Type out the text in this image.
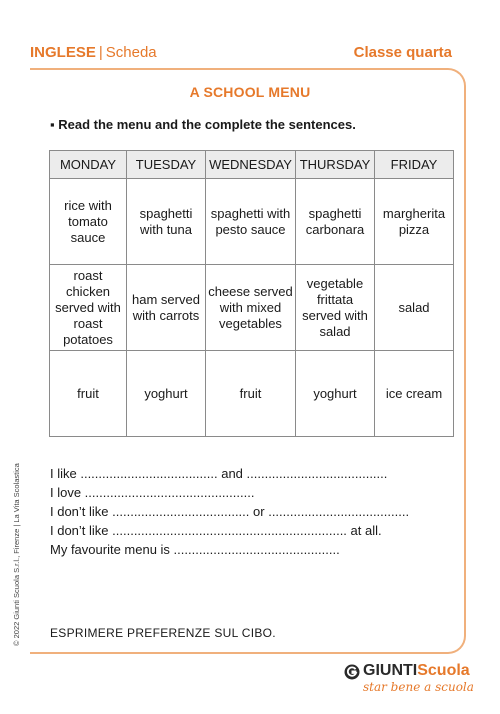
INGLESE | Scheda	Classe quarta
A SCHOOL MENU
▪ Read the menu and the complete the sentences.
MONDAY	TUESDAY	WEDNESDAY	THURSDAY	FRIDAY
rice with tomato sauce	spaghetti with tuna	spaghetti with pesto sauce	spaghetti carbonara	margherita pizza
roast chicken served with roast potatoes	ham served with carrots	cheese served with mixed vegetables	vegetable frittata served with salad	salad
fruit	yoghurt	fruit	yoghurt	ice cream
I like ...................................... and .......................................
I love ...............................................
I don’t like ...................................... or .......................................
I don’t like ................................................................. at all.
My favourite menu is ..............................................
ESPRIMERE PREFERENZE SUL CIBO.
© 2022 Giunti Scuola S.r.l., Firenze | La Vita Scolastica
GIUNTIScuola
star bene a scuola
